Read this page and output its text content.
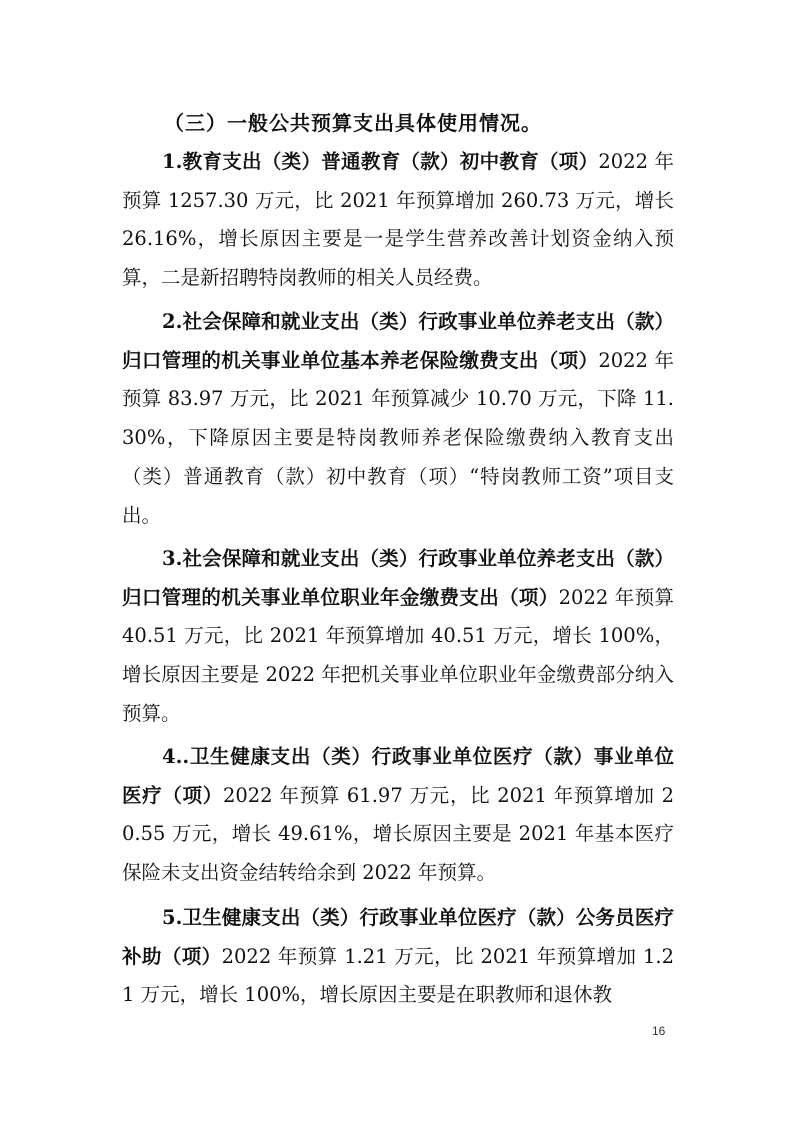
（三）一般公共预算支出具体使用情况。

1.教育支出（类）普通教育（款）初中教育（项）2022 年预算 1257.30 万元，比 2021 年预算增加 260.73 万元，增长 26.16%，增长原因主要是一是学生营养改善计划资金纳入预算，二是新招聘特岗教师的相关人员经费。

2.社会保障和就业支出（类）行政事业单位养老支出（款）归口管理的机关事业单位基本养老保险缴费支出（项）2022 年预算 83.97 万元，比 2021 年预算减少 10.70 万元，下降 11.30%，下降原因主要是特岗教师养老保险缴费纳入教育支出（类）普通教育（款）初中教育（项）“特岗教师工资”项目支出。

3.社会保障和就业支出（类）行政事业单位养老支出（款）归口管理的机关事业单位职业年金缴费支出（项）2022 年预算 40.51 万元，比 2021 年预算增加 40.51 万元，增长 100%，增长原因主要是 2022 年把机关事业单位职业年金缴费部分纳入预算。

4..卫生健康支出（类）行政事业单位医疗（款）事业单位医疗（项）2022 年预算 61.97 万元，比 2021 年预算增加 20.55 万元，增长 49.61%，增长原因主要是 2021 年基本医疗保险未支出资金结转给余到 2022 年预算。

5.卫生健康支出（类）行政事业单位医疗（款）公务员医疗补助（项）2022 年预算 1.21 万元，比 2021 年预算增加 1.21 万元，增长 100%，增长原因主要是在职教师和退休教

16
